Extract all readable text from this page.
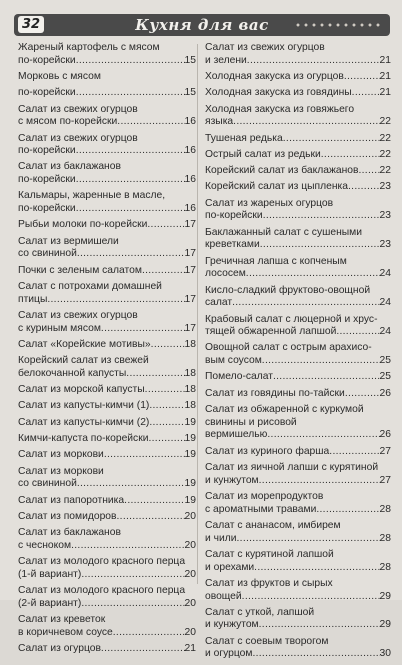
32	Кухня для вас
Жареный картофель с мясом
по-корейски .....	15
Морковь с мясом
по-корейски .....	15
Салат из свежих огурцов
с мясом по-корейски .....	16
Салат из свежих огурцов
по-корейски .....	16
Салат из баклажанов
по-корейски .....	16
Кальмары, жаренные в масле,
по-корейски .....	16
Рыбьи молоки по-корейски .....	17
Салат из вермишели
со свининой .....	17
Почки с зеленым салатом .....	17
Салат с потрохами домашней
птицы .....	17
Салат из свежих огурцов
с куриным мясом .....	17
Салат «Корейские мотивы» .....	18
Корейский салат из свежей
белокочанной капусты .....	18
Салат из морской капусты .....	18
Салат из капусты-кимчи (1) .....	18
Салат из капусты-кимчи (2) .....	19
Кимчи-капуста по-корейски .....	19
Салат из моркови .....	19
Салат из моркови
со свининой .....	19
Салат из папоротника .....	19
Салат из помидоров .....	20
Салат из баклажанов
с чесноком .....	20
Салат из молодого красного перца
(1-й вариант) .....	20
Салат из молодого красного перца
(2-й вариант) .....	20
Салат из креветок
в коричневом соусе .....	20
Салат из огурцов .....	21
Салат из свежих огурцов
и зелени .....	21
Холодная закуска из огурцов .....	21
Холодная закуска из говядины .....	21
Холодная закуска из говяжьего
языка .....	22
Тушеная редька .....	22
Острый салат из редьки .....	22
Корейский салат из баклажанов ..... 22
Корейский салат из цыпленка .....	23
Салат из жареных огурцов
по-корейски .....	23
Баклажанный салат с сушеными
креветками .....	23
Гречичная лапша с копченым
лососем .....	24
Кисло-сладкий фруктово-овощной
салат .....	24
Крабовый салат с люцерной и хрус-
тящей обжаренной лапшой .....	24
Овощной салат с острым арахисо-
вым соусом .....	25
Помело-салат .....	25
Салат из говядины по-тайски .....	26
Салат из обжаренной с куркумой
свинины и рисовой
вермишелью .....	26
Салат из куриного фарша .....	27
Салат из яичной лапши с курятиной
и кунжутом .....	27
Салат из морепродуктов
с ароматными травами .....	28
Салат с ананасом, имбирем
и чили .....	28
Салат с курятиной лапшой
и орехами .....	28
Салат из фруктов и сырых
овощей .....	29
Салат с уткой, лапшой
и кунжутом .....	29
Салат с соевым творогом
и огурцом .....	30
